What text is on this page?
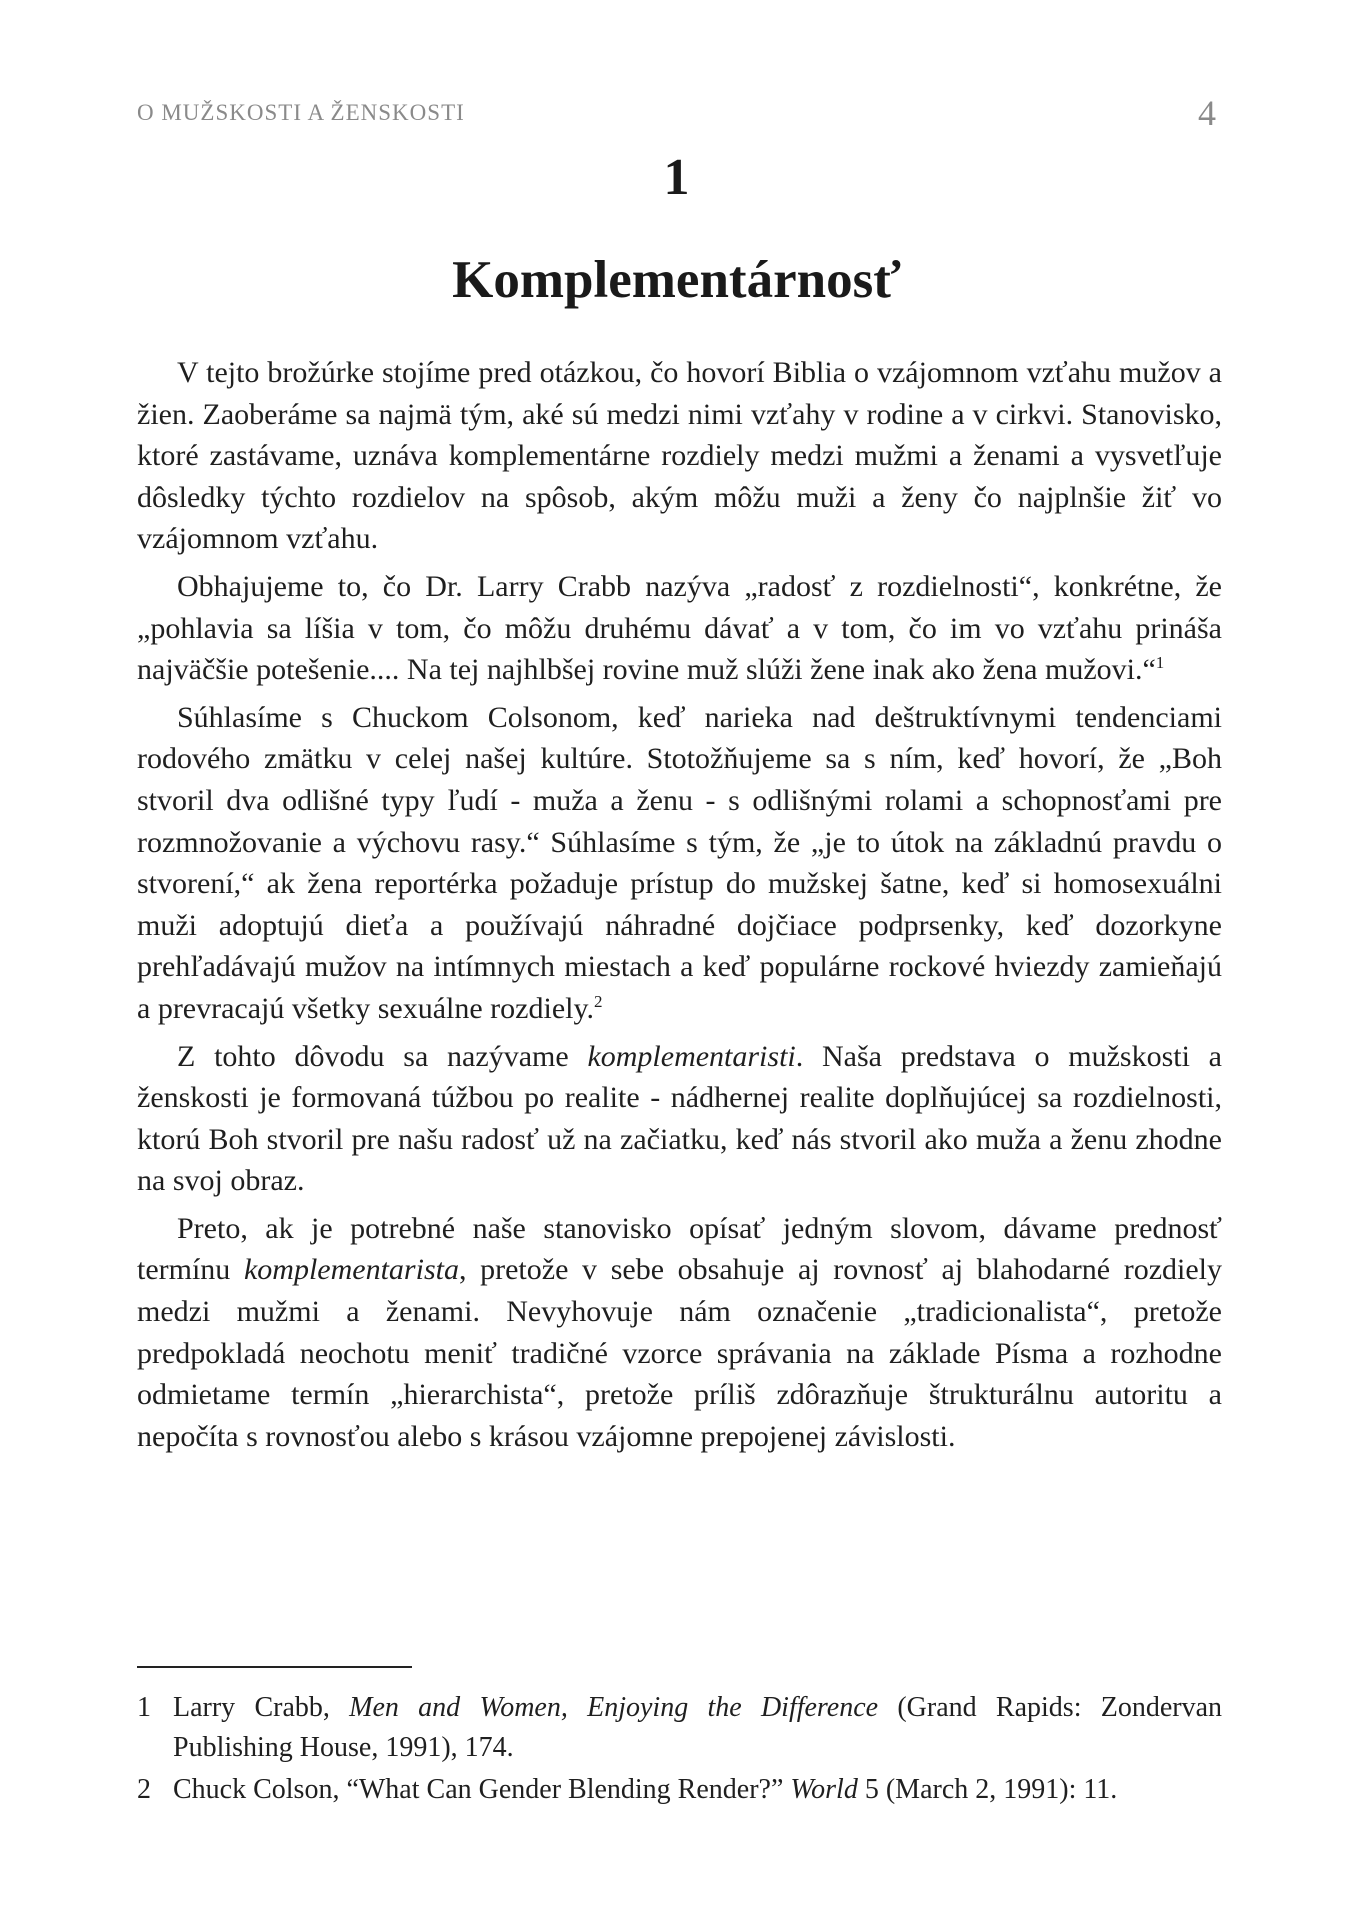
O MUŽSKOSTI A ŽENSKOSTI	4
1
Komplementárnosť

V tejto brožúrke stojíme pred otázkou, čo hovorí Biblia o vzájomnom vzťahu mužov a žien. Zaoberáme sa najmä tým, aké sú medzi nimi vzťahy v rodine a v cirkvi. Stanovisko, ktoré zastávame, uznáva komplementárne rozdiely medzi mužmi a ženami a vysvetľuje dôsledky týchto rozdielov na spôsob, akým môžu muži a ženy čo najplnšie žiť vo vzájomnom vzťahu.

Obhajujeme to, čo Dr. Larry Crabb nazýva „radosť z rozdielnosti“, konkrétne, že „pohlavia sa líšia v tom, čo môžu druhému dávať a v tom, čo im vo vzťahu prináša najväčšie potešenie.... Na tej najhlbšej rovine muž slúži žene inak ako žena mužovi.“$^1$

Súhlasíme s Chuckom Colsonom, keď narieka nad deštruktívnymi tendenciami rodového zmätku v celej našej kultúre. Stotožňujeme sa s ním, keď hovorí, že „Boh stvoril dva odlišné typy ľudí - muža a ženu - s odlišnými rolami a schopnosťami pre rozmnožovanie a výchovu rasy.“ Súhlasíme s tým, že „je to útok na základnú pravdu o stvorení,“ ak žena reportérka požaduje prístup do mužskej šatne, keď si homosexuálni muži adoptujú dieťa a používajú náhradné dojčiace podprsenky, keď dozorkyne prehľadávajú mužov na intímnych miestach a keď populárne rockové hviezdy zamieňajú a prevracajú všetky sexuálne rozdiely.$^2$

Z tohto dôvodu sa nazývame komplementaristi. Naša predstava o mužskosti a ženskosti je formovaná túžbou po realite - nádhernej realite doplňujúcej sa rozdielnosti, ktorú Boh stvoril pre našu radosť už na začiatku, keď nás stvoril ako muža a ženu zhodne na svoj obraz.

Preto, ak je potrebné naše stanovisko opísať jedným slovom, dávame prednosť termínu komplementarista, pretože v sebe obsahuje aj rovnosť aj blahodarné rozdiely medzi mužmi a ženami. Nevyhovuje nám označenie „tradicionalista“, pretože predpokladá neochotu meniť tradičné vzorce správania na základe Písma a rozhodne odmietame termín „hierarchista“, pretože príliš zdôrazňuje štrukturálnu autoritu a nepočíta s rovnosťou alebo s krásou vzájomne prepojenej závislosti.

1 Larry Crabb, Men and Women, Enjoying the Difference (Grand Rapids: Zondervan Publishing House, 1991), 174.
2 Chuck Colson, “What Can Gender Blending Render?” World 5 (March 2, 1991): 11.
